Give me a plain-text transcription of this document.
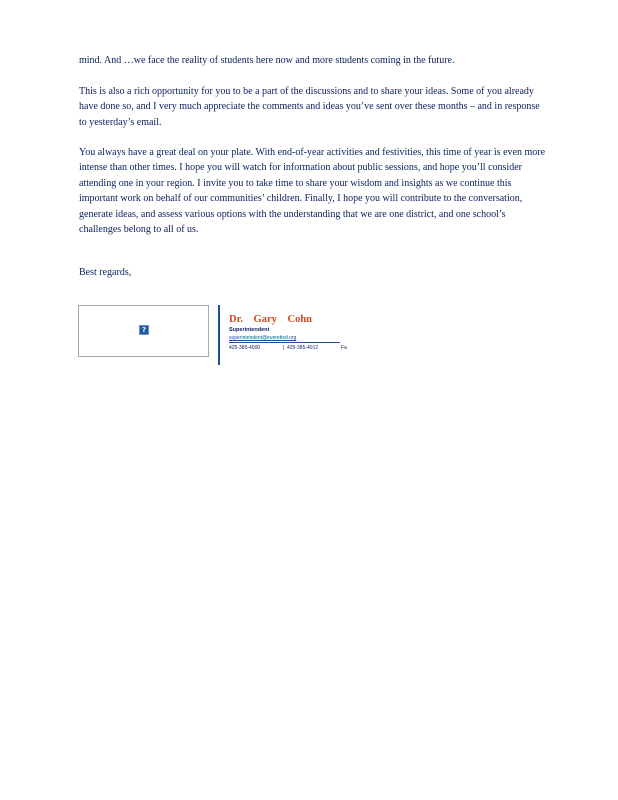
mind. And …we face the reality of students here now and more students coming in the future.

This is also a rich opportunity for you to be a part of the discussions and to share your ideas. Some of you already have done so, and I very much appreciate the comments and ideas you’ve sent over these months – and in response to yesterday’s email.

You always have a great deal on your plate. With end-of-year activities and festivities, this time of year is even more intense than other times. I hope you will watch for information about public sessions, and hope you’ll consider attending one in your region. I invite you to take time to share your wisdom and insights as we continue this important work on behalf of our communities’ children. Finally, I hope you will contribute to the conversation, generate ideas, and assess various options with the understanding that we are one district, and one school’s challenges belong to all of us.

Best regards,
?
Dr. Gary Cohn
Superintendent
superintendent@everettsd.org
425-385-4000	| 425-385-4012	Fa
